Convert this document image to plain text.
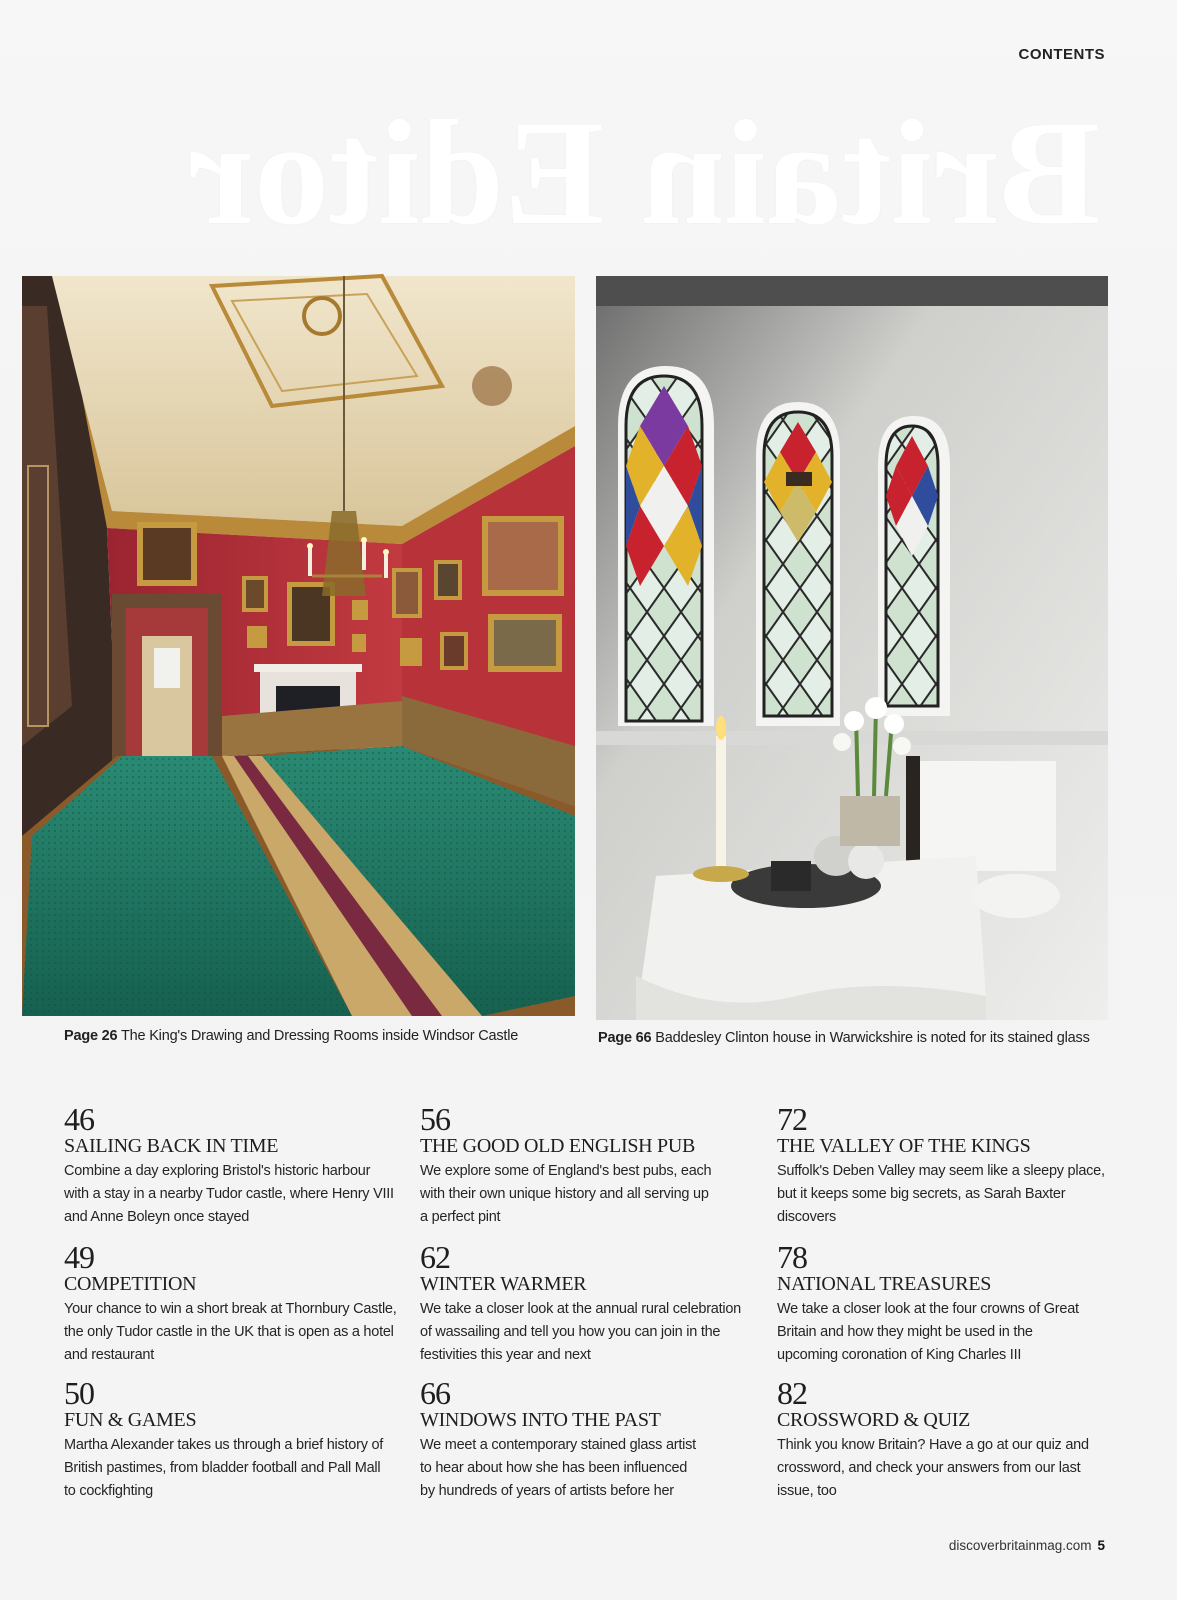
Britain Editor
CONTENTS
Page 26 The King's Drawing and Dressing Rooms inside Windsor Castle	Page 66 Baddesley Clinton house in Warwickshire is noted for its stained glass
46
SAILING BACK IN TIME
Combine a day exploring Bristol's historic harbour
with a stay in a nearby Tudor castle, where Henry VIII
and Anne Boleyn once stayed
56
THE GOOD OLD ENGLISH PUB
We explore some of England's best pubs, each
with their own unique history and all serving up
a perfect pint
72
THE VALLEY OF THE KINGS
Suffolk's Deben Valley may seem like a sleepy place,
but it keeps some big secrets, as Sarah Baxter
discovers
49
COMPETITION
Your chance to win a short break at Thornbury Castle,
the only Tudor castle in the UK that is open as a hotel
and restaurant
62
WINTER WARMER
We take a closer look at the annual rural celebration
of wassailing and tell you how you can join in the
festivities this year and next
78
NATIONAL TREASURES
We take a closer look at the four crowns of Great
Britain and how they might be used in the
upcoming coronation of King Charles III
50
FUN & GAMES
Martha Alexander takes us through a brief history of
British pastimes, from bladder football and Pall Mall
to cockfighting
66
WINDOWS INTO THE PAST
We meet a contemporary stained glass artist
to hear about how she has been influenced
by hundreds of years of artists before her
82
CROSSWORD & QUIZ
Think you know Britain? Have a go at our quiz and
crossword, and check your answers from our last
issue, too
discoverbritainmag.com 5
